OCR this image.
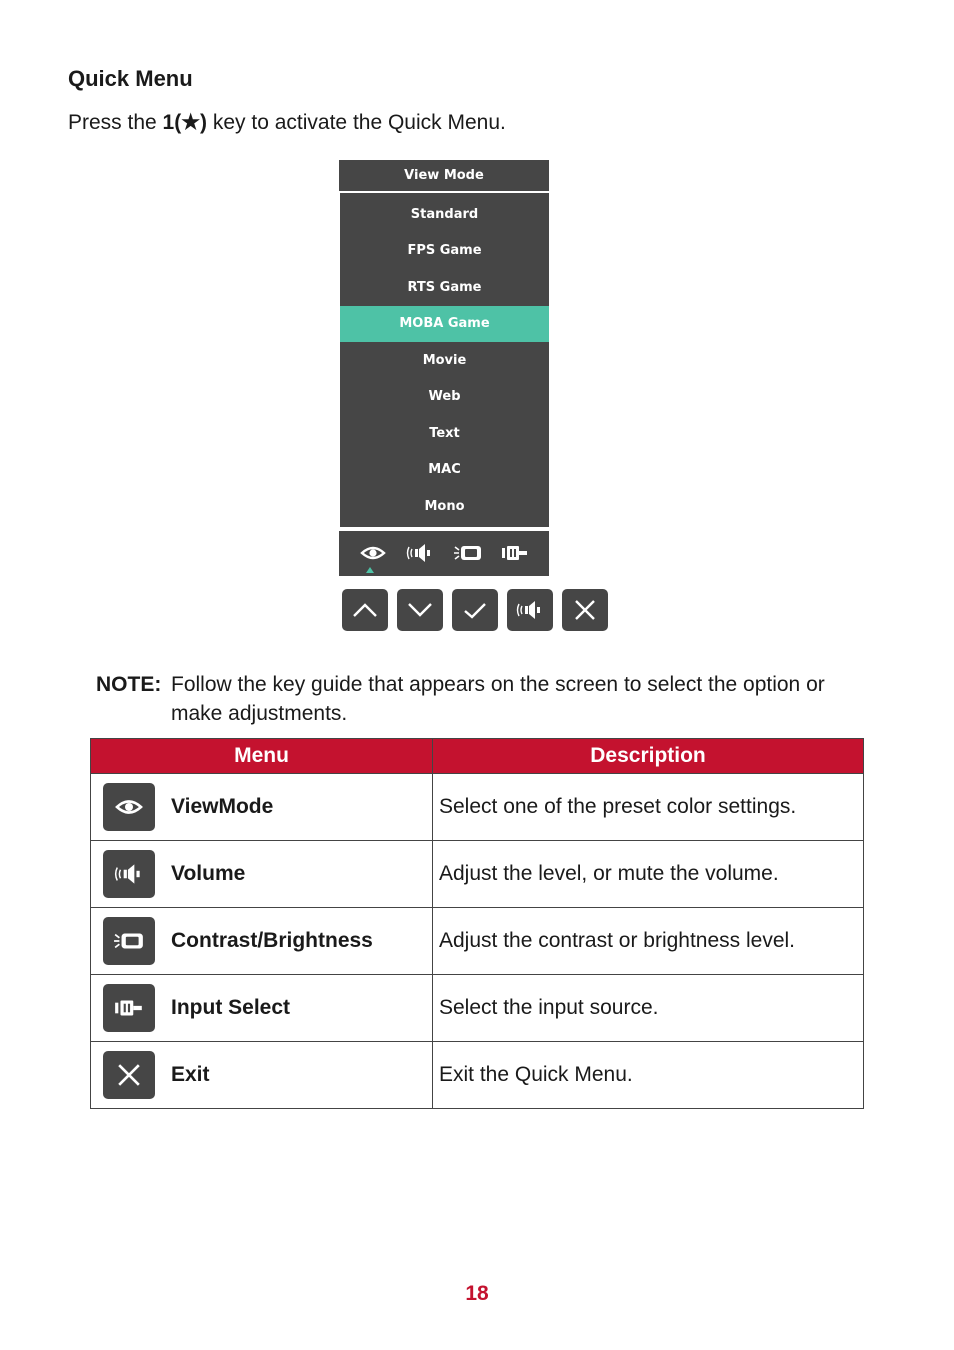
Quick Menu

Press the 1(★) key to activate the Quick Menu.

View Mode
Standard
FPS Game
RTS Game
MOBA Game
Movie
Web
Text
MAC
Mono
NOTE: Follow the key guide that appears on the screen to select the option or make adjustments.
Menu	Description

ViewMode	Select one of the preset color settings.

Volume	Adjust the level, or mute the volume.

Contrast/Brightness	Adjust the contrast or brightness level.

Input Select	Select the input source.

Exit	Exit the Quick Menu.
18
